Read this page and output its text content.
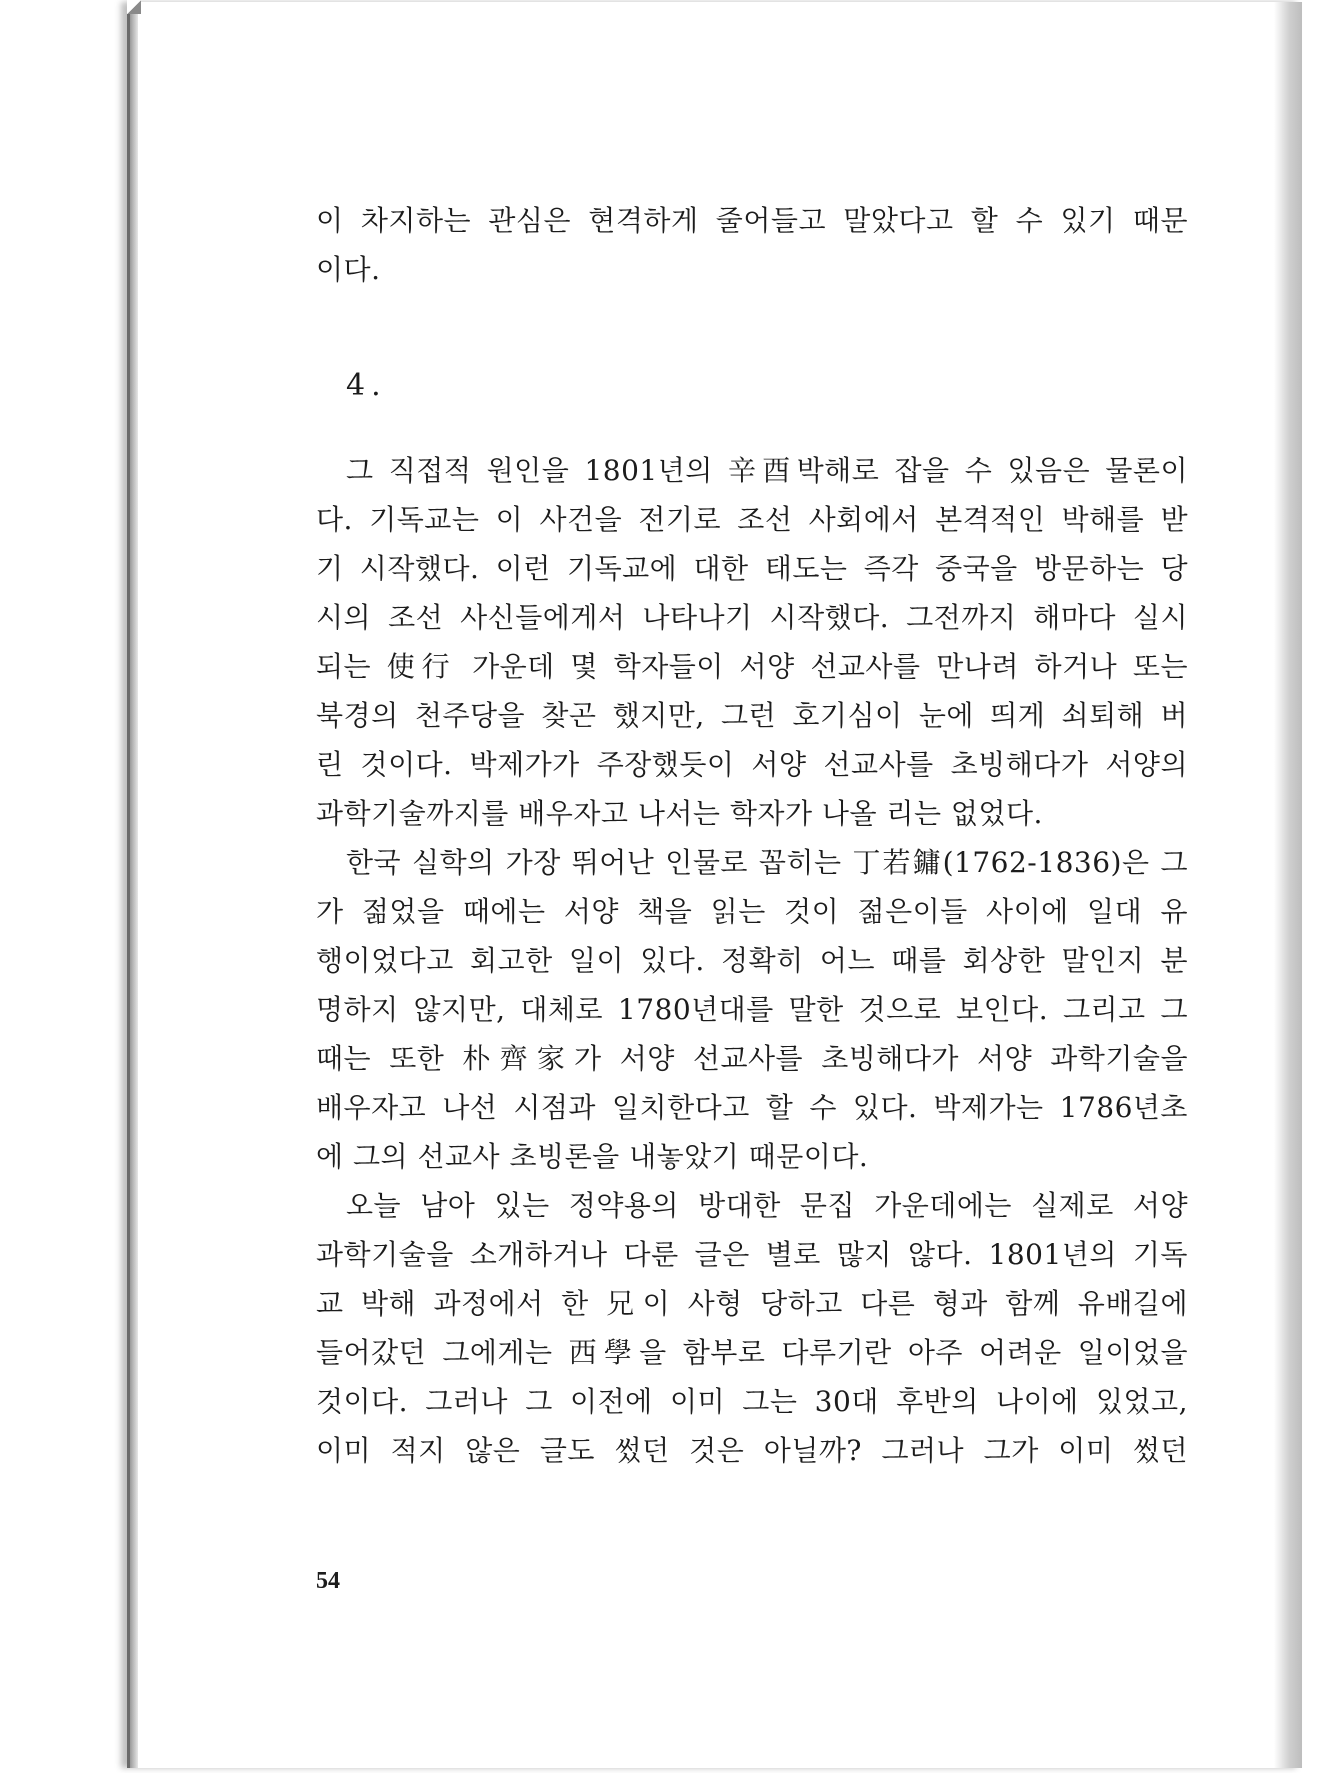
이 차지하는 관심은 현격하게 줄어들고 말았다고 할 수 있기 때문
이다.
4.
그 직접적 원인을 1801년의 辛酉박해로 잡을 수 있음은 물론이
다. 기독교는 이 사건을 전기로 조선 사회에서 본격적인 박해를 받
기 시작했다. 이런 기독교에 대한 태도는 즉각 중국을 방문하는 당
시의 조선 사신들에게서 나타나기 시작했다. 그전까지 해마다 실시
되는 使行 가운데 몇 학자들이 서양 선교사를 만나려 하거나 또는
북경의 천주당을 찾곤 했지만, 그런 호기심이 눈에 띄게 쇠퇴해 버
린 것이다. 박제가가 주장했듯이 서양 선교사를 초빙해다가 서양의
과학기술까지를 배우자고 나서는 학자가 나올 리는 없었다.
한국 실학의 가장 뛰어난 인물로 꼽히는 丁若鏞(1762-1836)은 그
가 젊었을 때에는 서양 책을 읽는 것이 젊은이들 사이에 일대 유
행이었다고 회고한 일이 있다. 정확히 어느 때를 회상한 말인지 분
명하지 않지만, 대체로 1780년대를 말한 것으로 보인다. 그리고 그
때는 또한 朴齊家가 서양 선교사를 초빙해다가 서양 과학기술을
배우자고 나선 시점과 일치한다고 할 수 있다. 박제가는 1786년초
에 그의 선교사 초빙론을 내놓았기 때문이다.
오늘 남아 있는 정약용의 방대한 문집 가운데에는 실제로 서양
과학기술을 소개하거나 다룬 글은 별로 많지 않다. 1801년의 기독
교 박해 과정에서 한 兄이 사형 당하고 다른 형과 함께 유배길에
들어갔던 그에게는 西學을 함부로 다루기란 아주 어려운 일이었을
것이다. 그러나 그 이전에 이미 그는 30대 후반의 나이에 있었고,
이미 적지 않은 글도 썼던 것은 아닐까? 그러나 그가 이미 썼던
54
